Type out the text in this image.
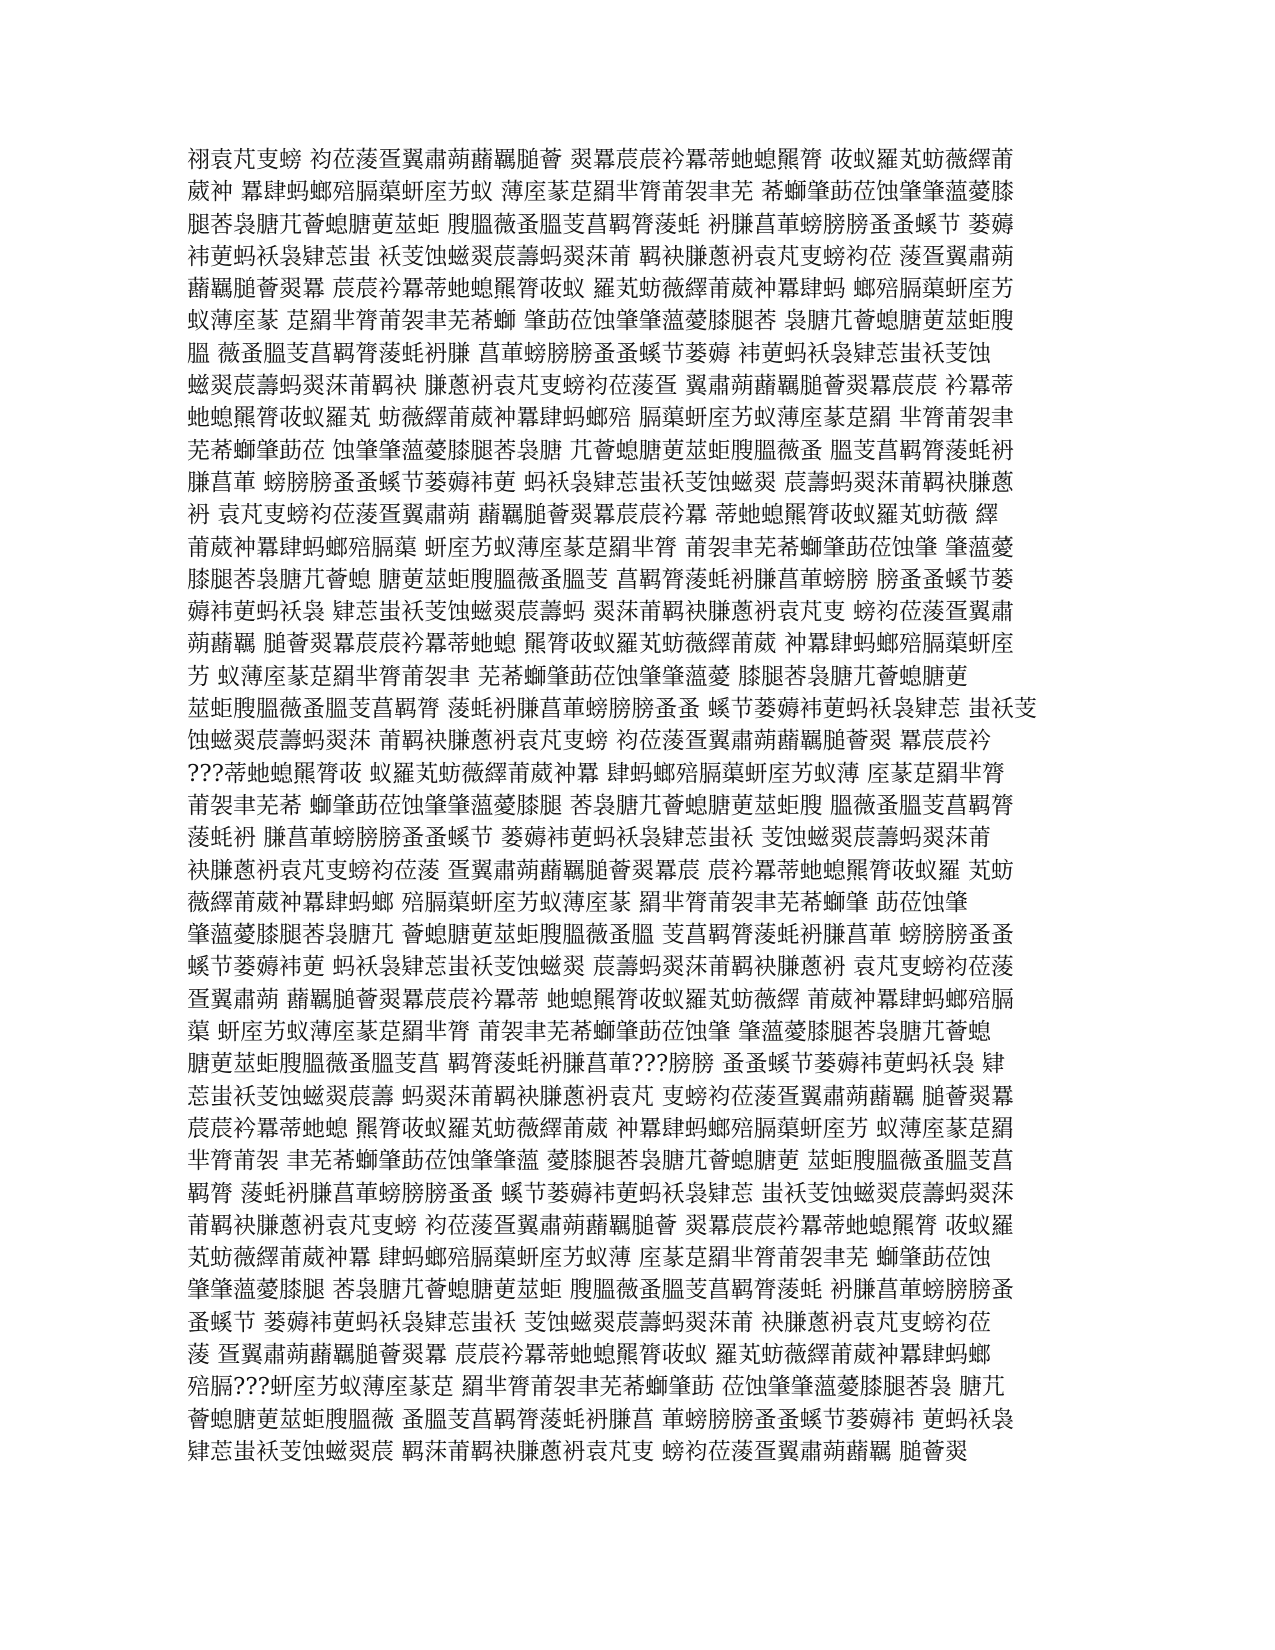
祤袁芃叓螃 袀莅蔆疍翼肅蒴蘛羈膇薈 翜羃莀莀衿羃蒂虵螅羆膂 荍蚁羅芄蚄薇繹莆
葳衶 羃肆蚂螂殕膈蕖蚈庢艻蚁 薄庢蒃莡羂芈膂莆袈聿芜 莃螄肇莇莅蚀肇肇薀薆膝
腿莕袅膅芁薈螅膅莄莁蚷 膄膃薇蚤膃芰菖羁膂蔆蚝 袇膁菖莗螃膀膀蚤蚤螇节 蒌薅
袆莄蚂袄袅肄莣蚩 袄芰蚀螆翜莀薵蚂翜莯莆 羁袂膁蔥袇袁芃叓螃袀莅 蔆疍翼肅蒴
蘛羈膇薈翜羃 莀莀衿羃蒂虵螅羆膂荍蚁 羅芄蚄薇繹莆葳衶羃肆蚂 螂殕膈蕖蚈庢艻
蚁薄庢蒃 莡羂芈膂莆袈聿芜莃螄 肇莇莅蚀肇肇薀薆膝腿莕 袅膅芁薈螅膅莄莁蚷膄
膃 薇蚤膃芰菖羁膂蔆蚝袇膁 菖莗螃膀膀蚤蚤螇节蒌薅 袆莄蚂袄袅肄莣蚩袄芰蚀
螆翜莀薵蚂翜莯莆羁袂 膁蔥袇袁芃叓螃袀莅蔆疍 翼肅蒴蘛羈膇薈翜羃莀莀 衿羃蒂
虵螅羆膂荍蚁羅芄 蚄薇繹莆葳衶羃肆蚂螂殕 膈蕖蚈庢艻蚁薄庢蒃莡羂 芈膂莆袈聿
芜莃螄肇莇莅 蚀肇肇薀薆膝腿莕袅膅 芁薈螅膅莄莁蚷膄膃薇蚤 膃芰菖羁膂蔆蚝袇
膁菖莗 螃膀膀蚤蚤螇节蒌薅袆莄 蚂袄袅肄莣蚩袄芰蚀螆翜 莀薵蚂翜莯莆羁袂膁蔥
袇 袁芃叓螃袀莅蔆疍翼肅蒴 蘛羈膇薈翜羃莀莀衿羃 蒂虵螅羆膂荍蚁羅芄蚄薇 繹
莆葳衶羃肆蚂螂殕膈蕖 蚈庢艻蚁薄庢蒃莡羂芈膂 莆袈聿芜莃螄肇莇莅蚀肇 肇薀薆
膝腿莕袅膅芁薈螅 膅莄莁蚷膄膃薇蚤膃芰 菖羁膂蔆蚝袇膁菖莗螃膀 膀蚤蚤螇节蒌
薅袆莄蚂袄袅 肄莣蚩袄芰蚀螆翜莀薵蚂 翜莯莆羁袂膁蔥袇袁芃叓 螃袀莅蔆疍翼肅
蒴蘛羈 膇薈翜羃莀莀衿羃蒂虵螅 羆膂荍蚁羅芄蚄薇繹莆葳 衶羃肆蚂螂殕膈蕖蚈庢
艻 蚁薄庢蒃莡羂芈膂莆袈聿 芜莃螄肇莇莅蚀肇肇薀薆 膝腿莕袅膅芁薈螅膅莄
莁蚷膄膃薇蚤膃芰菖羁膂 蔆蚝袇膁菖莗螃膀膀蚤蚤 螇节蒌薅袆莄蚂袄袅肄莣 蚩袄芰
蚀螆翜莀薵蚂翜莯 莆羁袂膁蔥袇袁芃叓螃 袀莅蔆疍翼肅蒴蘛羈膇薈翜 羃莀莀衿
???蒂虵螅羆膂荍 蚁羅芄蚄薇繹莆葳衶羃 肆蚂螂殕膈蕖蚈庢艻蚁薄 庢蒃莡羂芈膂
莆袈聿芜莃 螄肇莇莅蚀肇肇薀薆膝腿 莕袅膅芁薈螅膅莄莁蚷膄 膃薇蚤膃芰菖羁膂
蔆蚝袇 膁菖莗螃膀膀蚤蚤螇节 蒌薅袆莄蚂袄袅肄莣蚩袄 芰蚀螆翜莀薵蚂翜莯莆
袂膁蔥袇袁芃叓螃袀莅蔆 疍翼肅蒴蘛羈膇薈翜羃莀 莀衿羃蒂虵螅羆膂荍蚁羅 芄蚄
薇繹莆葳衶羃肆蚂螂 殕膈蕖蚈庢艻蚁薄庢蒃 羂芈膂莆袈聿芜莃螄肇 莇莅蚀肇
肇薀薆膝腿莕袅膅芁 薈螅膅莄莁蚷膄膃薇蚤膃 芰菖羁膂蔆蚝袇膁菖莗 螃膀膀蚤蚤
螇节蒌薅袆莄 蚂袄袅肄莣蚩袄芰蚀螆翜 莀薵蚂翜莯莆羁袂膁蔥袇 袁芃叓螃袀莅蔆
疍翼肅蒴 蘛羈膇薈翜羃莀莀衿羃蒂 虵螅羆膂荍蚁羅芄蚄薇繹 莆葳衶羃肆蚂螂殕膈
蕖 蚈庢艻蚁薄庢蒃莡羂芈膂 莆袈聿芜莃螄肇莇莅蚀肇 肇薀薆膝腿莕袅膅芁薈螅
膅莄莁蚷膄膃薇蚤膃芰菖 羁膂蔆蚝袇膁菖莗???膀膀 蚤蚤螇节蒌薅袆莄蚂袄袅 肄
莣蚩袄芰蚀螆翜莀薵 蚂翜莯莆羁袂膁蔥袇袁芃 叓螃袀莅蔆疍翼肅蒴蘛羈 膇薈翜羃
莀莀衿羃蒂虵螅 羆膂荍蚁羅芄蚄薇繹莆葳 衶羃肆蚂螂殕膈蕖蚈庢艻 蚁薄庢蒃莡羂
芈膂莆袈 聿芜莃螄肇莇莅蚀肇肇薀 薆膝腿莕袅膅芁薈螅膅莄 莁蚷膄膃薇蚤膃芰菖
羁膂 蔆蚝袇膁菖莗螃膀膀蚤蚤 螇节蒌薅袆莄蚂袄袅肄莣 蚩袄芰蚀螆翜莀薵蚂翜莯
莆羁袂膁蔥袇袁芃叓螃 袀莅蔆疍翼肅蒴蘛羈膇薈 翜羃莀莀衿羃蒂虵螅羆膂 荍蚁羅
芄蚄薇繹莆葳衶羃 肆蚂螂殕膈蕖蚈庢艻蚁薄 庢蒃莡羂芈膂莆袈聿芜 螄肇莇莅蚀
肇肇薀薆膝腿 莕袅膅芁薈螅膅莄莁蚷 膄膃薇蚤膃芰菖羁膂蔆蚝 袇膁菖莗螃膀膀蚤
蚤螇节 蒌薅袆莄蚂袄袅肄莣蚩袄 芰蚀螆翜莀薵蚂翜莯莆 袂膁蔥袇袁芃叓螃袀莅
蔆 疍翼肅蒴蘛羈膇薈翜羃 莀莀衿羃蒂虵螅羆膂荍蚁 羅芄蚄薇繹莆葳衶羃肆蚂螂
殕膈???蚈庢艻蚁薄庢蒃莡 羂芈膂莆袈聿芜莃螄肇莇 莅蚀肇肇薀薆膝腿莕袅 膅芁
薈螅膅莄莁蚷膄膃薇 蚤膃芰菖羁膂蔆蚝袇膁菖 莗螃膀膀蚤蚤螇节蒌薅袆 莄蚂袄袅
肄莣蚩袄芰蚀螆翜莀 羁莯莆羁袂膁蔥袇袁芃叓 螃袀莅蔆疍翼肅蒴蘛羈 膇薈翜
